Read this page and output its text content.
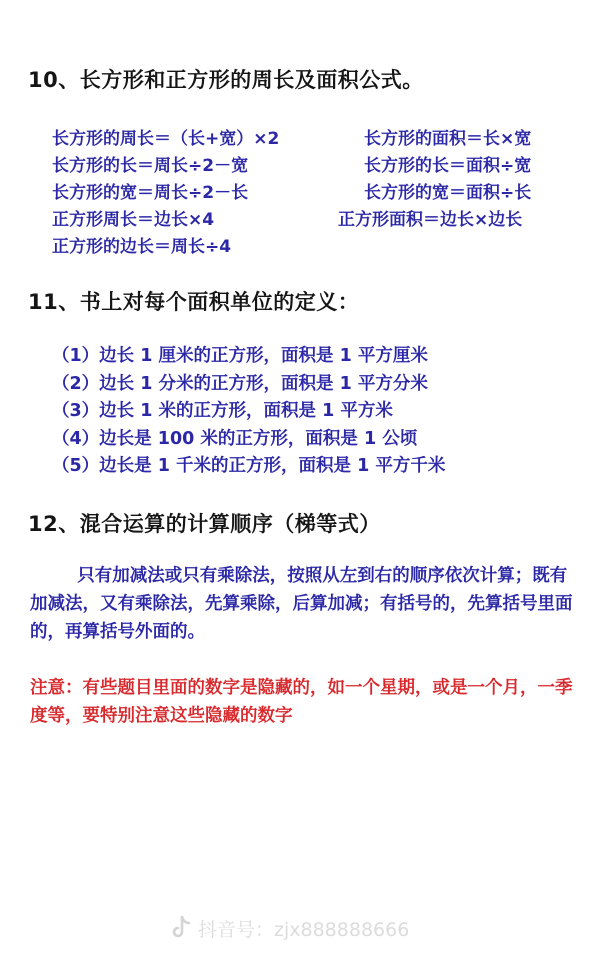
10、长方形和正方形的周长及面积公式。
长方形的周长＝（长+宽）×2
长方形的长＝周长÷2－宽
长方形的宽＝周长÷2－长
正方形周长＝边长×4
正方形的边长＝周长÷4
长方形的面积＝长×宽
长方形的长＝面积÷宽
长方形的宽＝面积÷长
正方形面积＝边长×边长
11、书上对每个面积单位的定义：
（1）边长 1 厘米的正方形，面积是 1 平方厘米
（2）边长 1 分米的正方形，面积是 1 平方分米
（3）边长 1 米的正方形，面积是 1 平方米
（4）边长是 100 米的正方形，面积是 1 公顷
（5）边长是 1 千米的正方形，面积是 1 平方千米
12、混合运算的计算顺序（梯等式）
只有加减法或只有乘除法，按照从左到右的顺序依次计算；既有加减法，又有乘除法，先算乘除，后算加减；有括号的，先算括号里面的，再算括号外面的。
注意：有些题目里面的数字是隐藏的，如一个星期，或是一个月，一季度等，要特别注意这些隐藏的数字
抖音号：zjx888888666
